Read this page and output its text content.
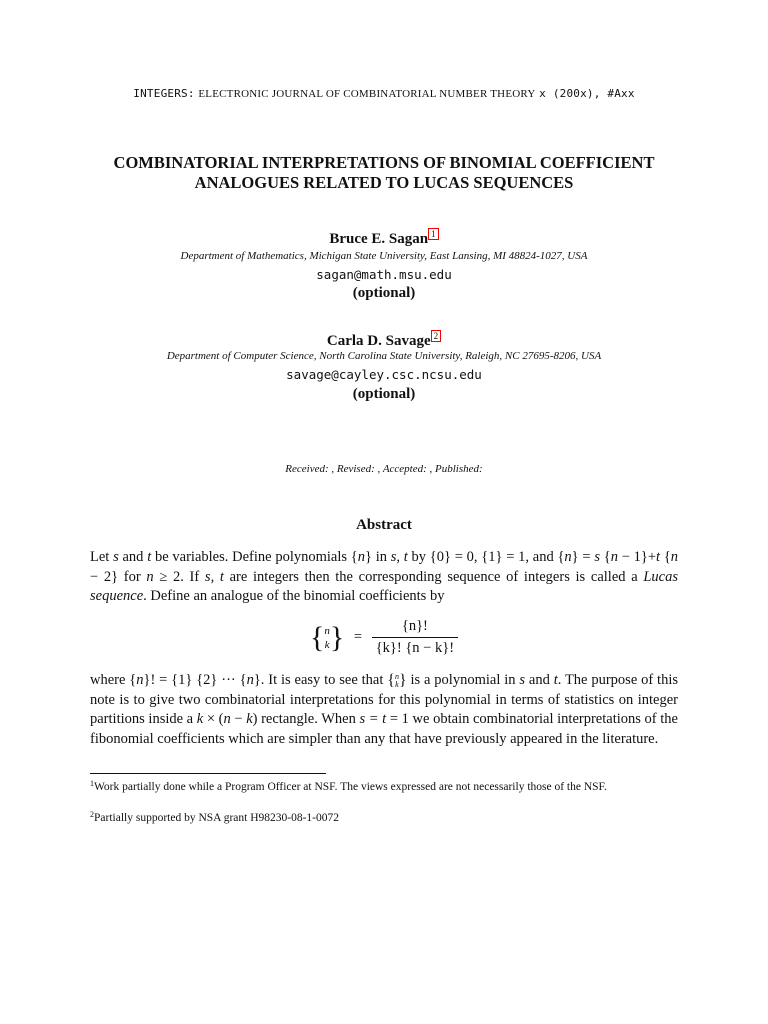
INTEGERS: ELECTRONIC JOURNAL OF COMBINATORIAL NUMBER THEORY x (200x), #Axx
COMBINATORIAL INTERPRETATIONS OF BINOMIAL COEFFICIENT
ANALOGUES RELATED TO LUCAS SEQUENCES
Bruce E. Sagan 1
Department of Mathematics, Michigan State University, East Lansing, MI 48824-1027, USA
sagan@math.msu.edu
(optional)
Carla D. Savage 2
Department of Computer Science, North Carolina State University, Raleigh, NC 27695-8206, USA
savage@cayley.csc.ncsu.edu
(optional)
Received: , Revised: , Accepted: , Published:
Abstract
Let s and t be variables. Define polynomials {n} in s, t by {0} = 0, {1} = 1, and {n} = s {n − 1}+t {n − 2} for n ≥ 2. If s, t are integers then the corresponding sequence of integers is called a Lucas sequence. Define an analogue of the binomial coefficients by
{ n
k } = $\frac{\{n\}!}{\{k\}! \{n - k\}!}$
where {n}! = {1} {2} ··· {n}. It is easy to see that { n
k } is a polynomial in s and t. The purpose of this note is to give two combinatorial interpretations for this polynomial in terms of statistics on integer partitions inside a k × (n − k) rectangle. When s = t = 1 we obtain combinatorial interpretations of the fibonomial coefficients which are simpler than any that have previously appeared in the literature.
$^1$Work partially done while a Program Officer at NSF. The views expressed are not necessarily those of the NSF.
$^2$Partially supported by NSA grant H98230-08-1-0072
